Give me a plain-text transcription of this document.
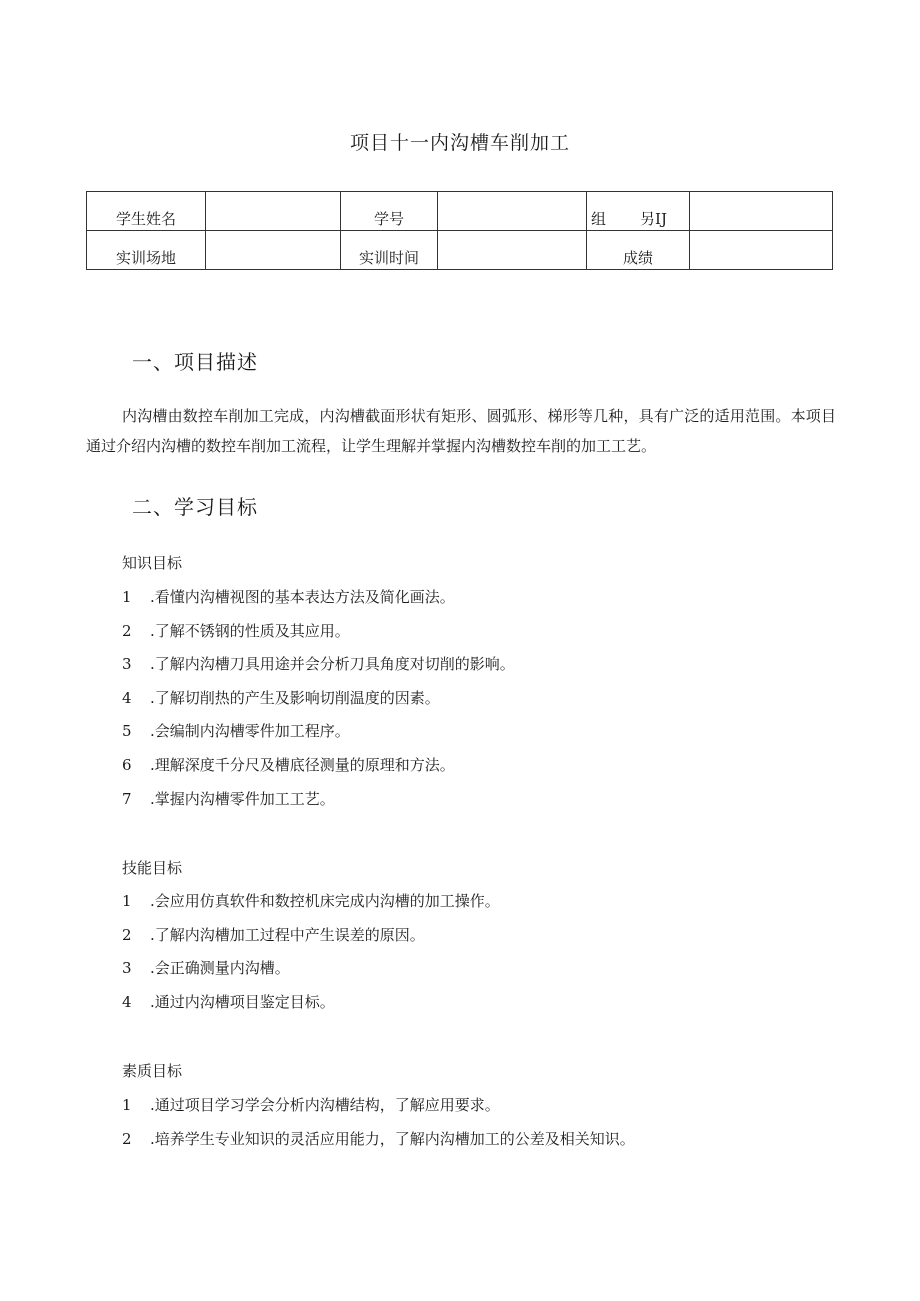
项目十一内沟槽车削加工
学生姓名		学号		组 另IJ	
实训场地		实训时间		成绩	
一、项目描述
内沟槽由数控车削加工完成，内沟槽截面形状有矩形、圆弧形、梯形等几种，具有广泛的适用范围。本项目通过介绍内沟槽的数控车削加工流程，让学生理解并掌握内沟槽数控车削的加工工艺。
二、学习目标
知识目标
1 .看懂内沟槽视图的基本表达方法及简化画法。
2 .了解不锈钢的性质及其应用。
3 .了解内沟槽刀具用途并会分析刀具角度对切削的影响。
4 .了解切削热的产生及影响切削温度的因素。
5 .会编制内沟槽零件加工程序。
6 .理解深度千分尺及槽底径测量的原理和方法。
7 .掌握内沟槽零件加工工艺。
技能目标
1 .会应用仿真软件和数控机床完成内沟槽的加工操作。
2 .了解内沟槽加工过程中产生误差的原因。
3 .会正确测量内沟槽。
4 .通过内沟槽项目鉴定目标。
素质目标
1 .通过项目学习学会分析内沟槽结构，了解应用要求。
2 .培养学生专业知识的灵活应用能力，了解内沟槽加工的公差及相关知识。
